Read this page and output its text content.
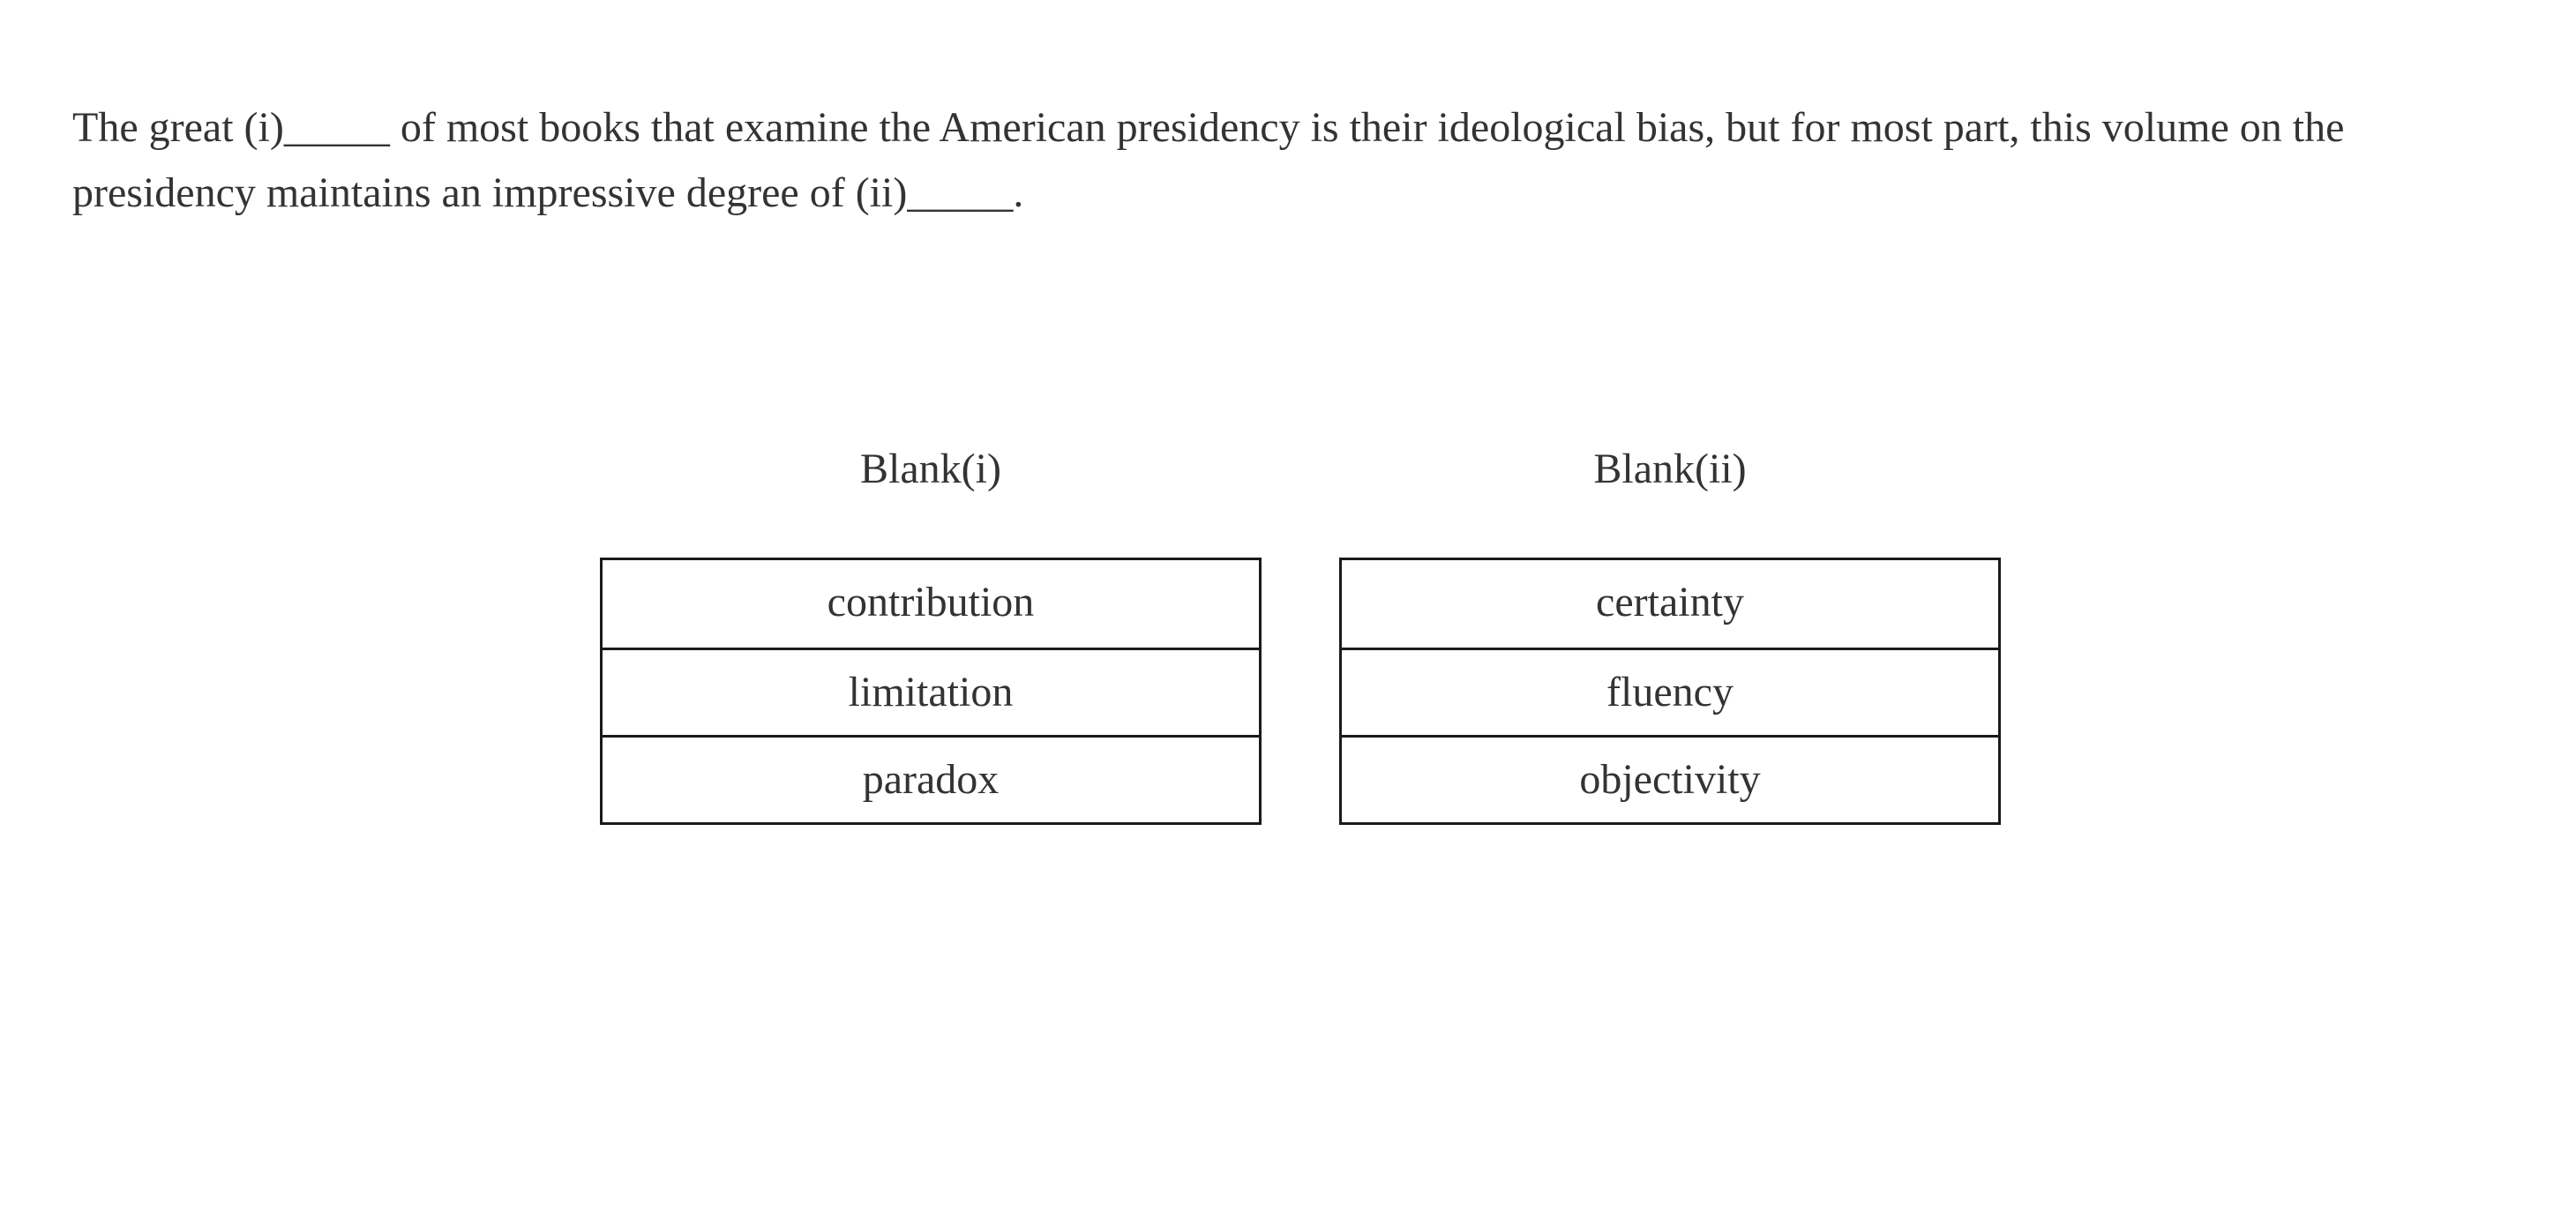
The great (i)_____ of most books that examine the American presidency is their ideological bias, but for most part, this volume on the presidency maintains an impressive degree of (ii)_____.

Blank(i)
contribution
limitation
paradox
Blank(ii)
certainty
fluency
objectivity
